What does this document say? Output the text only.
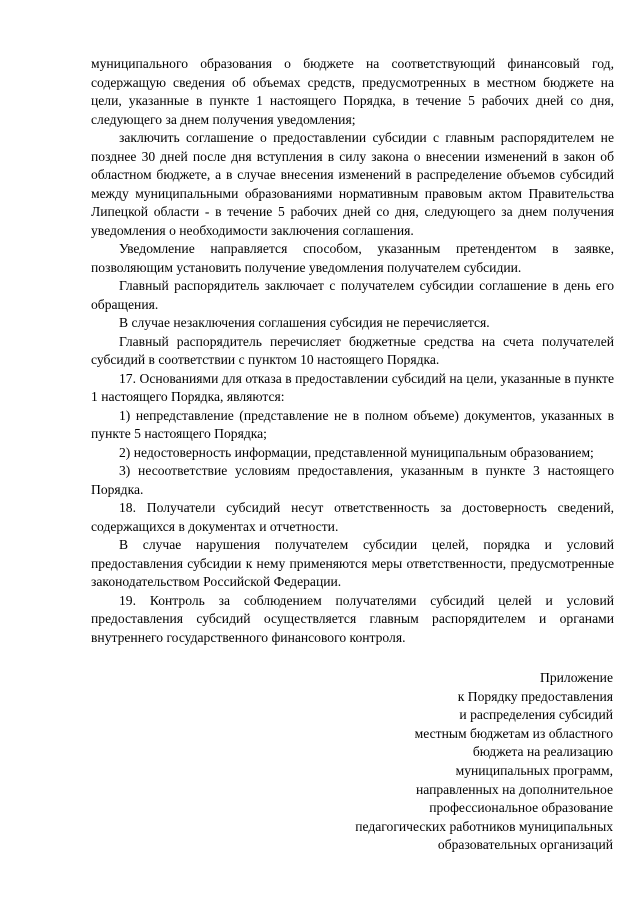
муниципального образования о бюджете на соответствующий финансовый год, содержащую сведения об объемах средств, предусмотренных в местном бюджете на цели, указанные в пункте 1 настоящего Порядка, в течение 5 рабочих дней со дня, следующего за днем получения уведомления;

заключить соглашение о предоставлении субсидии с главным распорядителем не позднее 30 дней после дня вступления в силу закона о внесении изменений в закон об областном бюджете, а в случае внесения изменений в распределение объемов субсидий между муниципальными образованиями нормативным правовым актом Правительства Липецкой области - в течение 5 рабочих дней со дня, следующего за днем получения уведомления о необходимости заключения соглашения.

Уведомление направляется способом, указанным претендентом в заявке, позволяющим установить получение уведомления получателем субсидии.

Главный распорядитель заключает с получателем субсидии соглашение в день его обращения.

В случае незаключения соглашения субсидия не перечисляется.

Главный распорядитель перечисляет бюджетные средства на счета получателей субсидий в соответствии с пунктом 10 настоящего Порядка.

17. Основаниями для отказа в предоставлении субсидий на цели, указанные в пункте 1 настоящего Порядка, являются:

1) непредставление (представление не в полном объеме) документов, указанных в пункте 5 настоящего Порядка;

2) недостоверность информации, представленной муниципальным образованием;

3) несоответствие условиям предоставления, указанным в пункте 3 настоящего Порядка.

18. Получатели субсидий несут ответственность за достоверность сведений, содержащихся в документах и отчетности.

В случае нарушения получателем субсидии целей, порядка и условий предоставления субсидии к нему применяются меры ответственности, предусмотренные законодательством Российской Федерации.

19. Контроль за соблюдением получателями субсидий целей и условий предоставления субсидий осуществляется главным распорядителем и органами внутреннего государственного финансового контроля.

Приложение
к Порядку предоставления
и распределения субсидий
местным бюджетам из областного
бюджета на реализацию
муниципальных программ,
направленных на дополнительное
профессиональное образование
педагогических работников муниципальных
образовательных организаций
